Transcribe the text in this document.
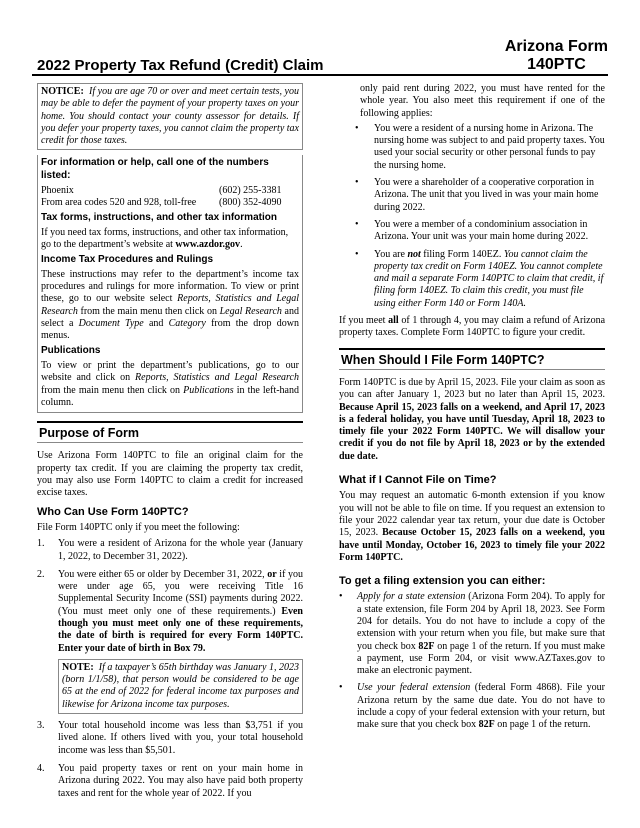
Arizona Form
140PTC
2022 Property Tax Refund (Credit) Claim
NOTICE: If you are age 70 or over and meet certain tests, you may be able to defer the payment of your property taxes on your home. You should contact your county assessor for details. If you defer your property taxes, you cannot claim the property tax credit for those taxes.
For information or help, call one of the numbers listed:
Phoenix	(602) 255-3381
From area codes 520 and 928, toll-free (800) 352-4090
Tax forms, instructions, and other tax information

If you need tax forms, instructions, and other tax information, go to the department’s website at www.azdor.gov.

Income Tax Procedures and Rulings

These instructions may refer to the department’s income tax procedures and rulings for more information. To view or print these, go to our website select Reports, Statistics and Legal Research from the main menu then click on Legal Research and select a Document Type and Category from the drop down menus.

Publications

To view or print the department’s publications, go to our website and click on Reports, Statistics and Legal Research from the main menu then click on Publications in the left-hand column.

Purpose of Form

Use Arizona Form 140PTC to file an original claim for the property tax credit. If you are claiming the property tax credit, you may also use Form 140PTC to claim a credit for increased excise taxes.

Who Can Use Form 140PTC?

File Form 140PTC only if you meet the following:

1. You were a resident of Arizona for the whole year (January 1, 2022, to December 31, 2022).
2. You were either 65 or older by December 31, 2022, or if you were under age 65, you were receiving Title 16 Supplemental Security Income (SSI) payments during 2022. (You must meet only one of these requirements.) Even though you must meet only one of these requirements, the date of birth is required for every Form 140PTC. Enter your date of birth in Box 79.
NOTE: If a taxpayer’s 65th birthday was January 1, 2023 (born 1/1/58), that person would be considered to be age 65 at the end of 2022 for federal income tax purposes and likewise for Arizona income tax purposes.
3. Your total household income was less than $3,751 if you lived alone. If others lived with you, your total household income was less than $5,501.
4. You paid property taxes or rent on your main home in Arizona during 2022. You may also have paid both property taxes and rent for the whole year of 2022. If you

only paid rent during 2022, you must have rented for the whole year. You also meet this requirement if one of the following applies:

• You were a resident of a nursing home in Arizona. The nursing home was subject to and paid property taxes. You used your social security or other personal funds to pay the nursing home.
• You were a shareholder of a cooperative corporation in Arizona. The unit that you lived in was your main home during 2022.
• You were a member of a condominium association in Arizona. Your unit was your main home during 2022.
• You are not filing Form 140EZ. You cannot claim the property tax credit on Form 140EZ. You cannot complete and mail a separate Form 140PTC to claim that credit, if filing form 140EZ. To claim this credit, you must file using either Form 140 or Form 140A.

If you meet all of 1 through 4, you may claim a refund of Arizona property taxes. Complete Form 140PTC to figure your credit.

When Should I File Form 140PTC?

Form 140PTC is due by April 15, 2023. File your claim as soon as you can after January 1, 2023 but no later than April 15, 2023. Because April 15, 2023 falls on a weekend, and April 17, 2023 is a federal holiday, you have until Tuesday, April 18, 2023 to timely file your 2022 Form 140PTC. We will disallow your credit if you do not file by April 18, 2023 or by the extended due date.

What if I Cannot File on Time?

You may request an automatic 6-month extension if you know you will not be able to file on time. If you request an extension to file your 2022 calendar year tax return, your due date is October 15, 2023. Because October 15, 2023 falls on a weekend, you have until Monday, October 16, 2023 to timely file your 2022 Form 140PTC.

To get a filing extension you can either:
• Apply for a state extension (Arizona Form 204). To apply for a state extension, file Form 204 by April 18, 2023. See Form 204 for details. You do not have to include a copy of the extension with your return when you file, but make sure that you check box 82F on page 1 of the return. If you must make a payment, use Form 204, or visit www.AZTaxes.gov to make an electronic payment.
• Use your federal extension (federal Form 4868). File your Arizona return by the same due date. You do not have to include a copy of your federal extension with your return, but make sure that you check box 82F on page 1 of the return.
